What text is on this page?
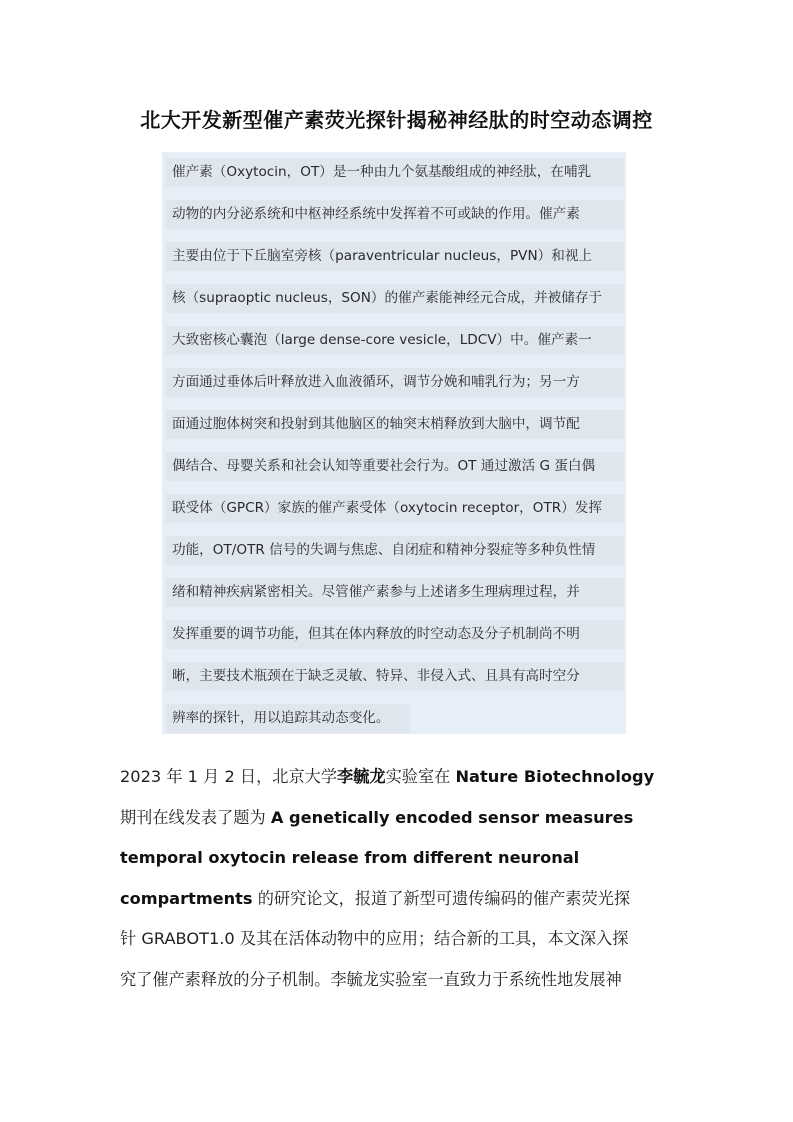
北大开发新型催产素荧光探针揭秘神经肽的时空动态调控
催产素（Oxytocin，OT）是一种由九个氨基酸组成的神经肽，在哺乳
动物的内分泌系统和中枢神经系统中发挥着不可或缺的作用。催产素
主要由位于下丘脑室旁核（paraventricular nucleus，PVN）和视上
核（supraoptic nucleus，SON）的催产素能神经元合成，并被储存于
大致密核心囊泡（large dense-core vesicle，LDCV）中。催产素一
方面通过垂体后叶释放进入血液循环，调节分娩和哺乳行为；另一方
面通过胞体树突和投射到其他脑区的轴突末梢释放到大脑中，调节配
偶结合、母婴关系和社会认知等重要社会行为。OT 通过激活 G 蛋白偶
联受体（GPCR）家族的催产素受体（oxytocin receptor，OTR）发挥
功能，OT/OTR 信号的失调与焦虑、自闭症和精神分裂症等多种负性情
绪和精神疾病紧密相关。尽管催产素参与上述诸多生理病理过程，并
发挥重要的调节功能，但其在体内释放的时空动态及分子机制尚不明
晰，主要技术瓶颈在于缺乏灵敏、特异、非侵入式、且具有高时空分
辨率的探针，用以追踪其动态变化。
2023 年 1 月 2 日，北京大学李毓龙实验室在 Nature Biotechnology
期刊在线发表了题为 A genetically encoded sensor measures
temporal oxytocin release from different neuronal
compartments 的研究论文，报道了新型可遗传编码的催产素荧光探
针 GRABOT1.0 及其在活体动物中的应用；结合新的工具，本文深入探
究了催产素释放的分子机制。李毓龙实验室一直致力于系统性地发展神
